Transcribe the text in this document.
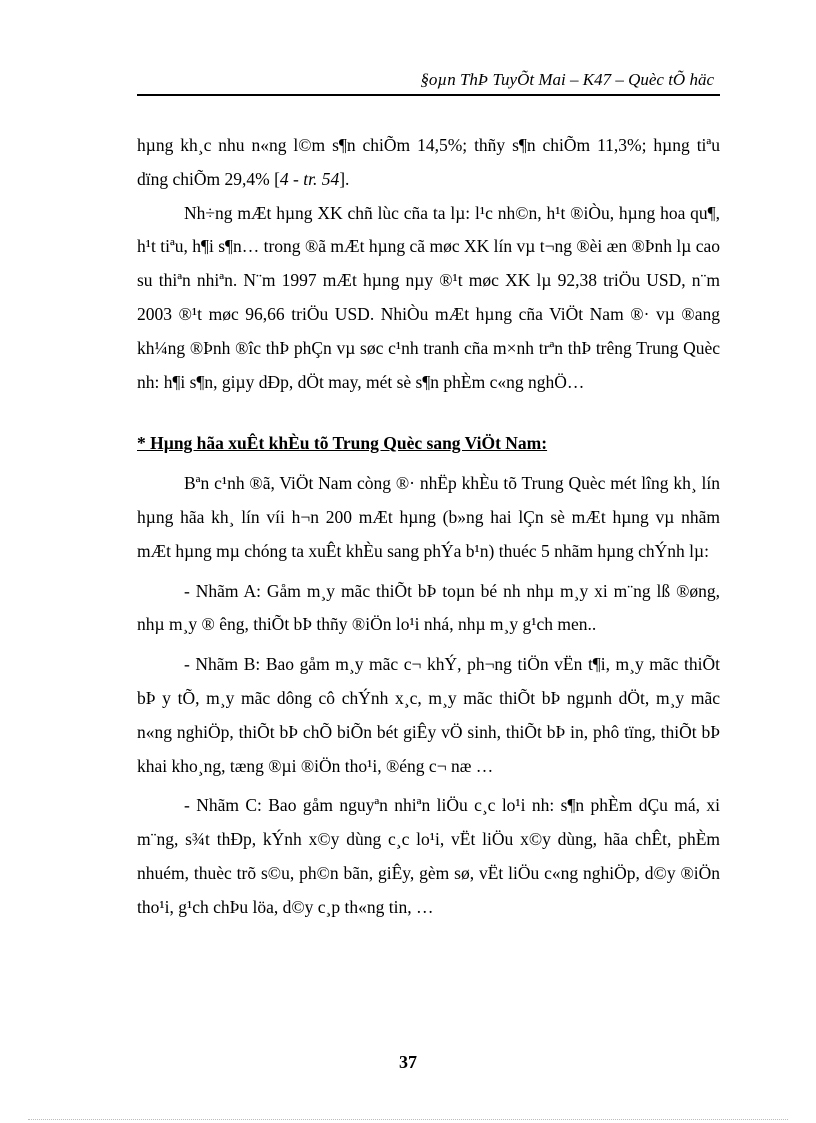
§oµn ThÞ TuyÕt Mai – K47 – Quèc tÕ häc

hµng kh¸c nhu n«ng l©m s¶n chiÕm 14,5%; thñy s¶n chiÕm 11,3%; hµng tiªu dïng chiÕm 29,4% [4 - tr. 54].

Nh÷ng mÆt hµng XK chñ lùc cña ta lµ: l¹c nh©n, h¹t ®iÒu, hµng hoa qu¶, h¹t tiªu, h¶i s¶n… trong ®ã mÆt hµng cã møc XK lín vµ t¬ng ®èi æn ®Þnh lµ cao su thiªn nhiªn. N¨m 1997 mÆt hµng nµy ®¹t møc XK lµ 92,38 triÖu USD, n¨m 2003 ®¹t møc 96,66 triÖu USD. NhiÒu mÆt hµng cña ViÖt Nam ®· vµ ®ang kh¼ng ®Þnh ®îc thÞ phÇn vµ søc c¹nh tranh cña m×nh trªn thÞ trêng Trung Quèc nh: h¶i s¶n, giµy dÐp, dÖt may, mét sè s¶n phÈm c«ng nghÖ…

* Hµng hãa xuÊt khÈu tõ Trung Quèc sang ViÖt Nam:

Bªn c¹nh ®ã, ViÖt Nam còng ®· nhËp khÈu tõ Trung Quèc mét lîng kh¸ lín hµng hãa kh¸ lín víi h¬n 200 mÆt hµng (b»ng hai lÇn sè mÆt hµng vµ nhãm mÆt hµng mµ chóng ta xuÊt khÈu sang phÝa b¹n) thuéc 5 nhãm hµng chÝnh lµ:

- Nhãm A: Gåm m¸y mãc thiÕt bÞ toµn bé nh nhµ m¸y xi m¨ng lß ®øng, nhµ m¸y ® êng, thiÕt bÞ thñy ®iÖn lo¹i nhá, nhµ m¸y g¹ch men..

- Nhãm B: Bao gåm m¸y mãc c¬ khÝ, ph¬ng tiÖn vËn t¶i, m¸y mãc thiÕt bÞ y tÕ, m¸y mãc dông cô chÝnh x¸c, m¸y mãc thiÕt bÞ ngµnh dÖt, m¸y mãc n«ng nghiÖp, thiÕt bÞ chÕ biÕn bét giÊy vÖ sinh, thiÕt bÞ in, phô tïng, thiÕt bÞ khai kho¸ng, tæng ®µi ®iÖn tho¹i, ®éng c¬ næ …

- Nhãm C: Bao gåm nguyªn nhiªn liÖu c¸c lo¹i nh: s¶n phÈm dÇu má, xi m¨ng, s¾t thÐp, kÝnh x©y dùng c¸c lo¹i, vËt liÖu x©y dùng, hãa chÊt, phÈm nhuém, thuèc trõ s©u, ph©n bãn, giÊy, gèm sø, vËt liÖu c«ng nghiÖp, d©y ®iÖn tho¹i, g¹ch chÞu löa, d©y c¸p th«ng tin, …

37
